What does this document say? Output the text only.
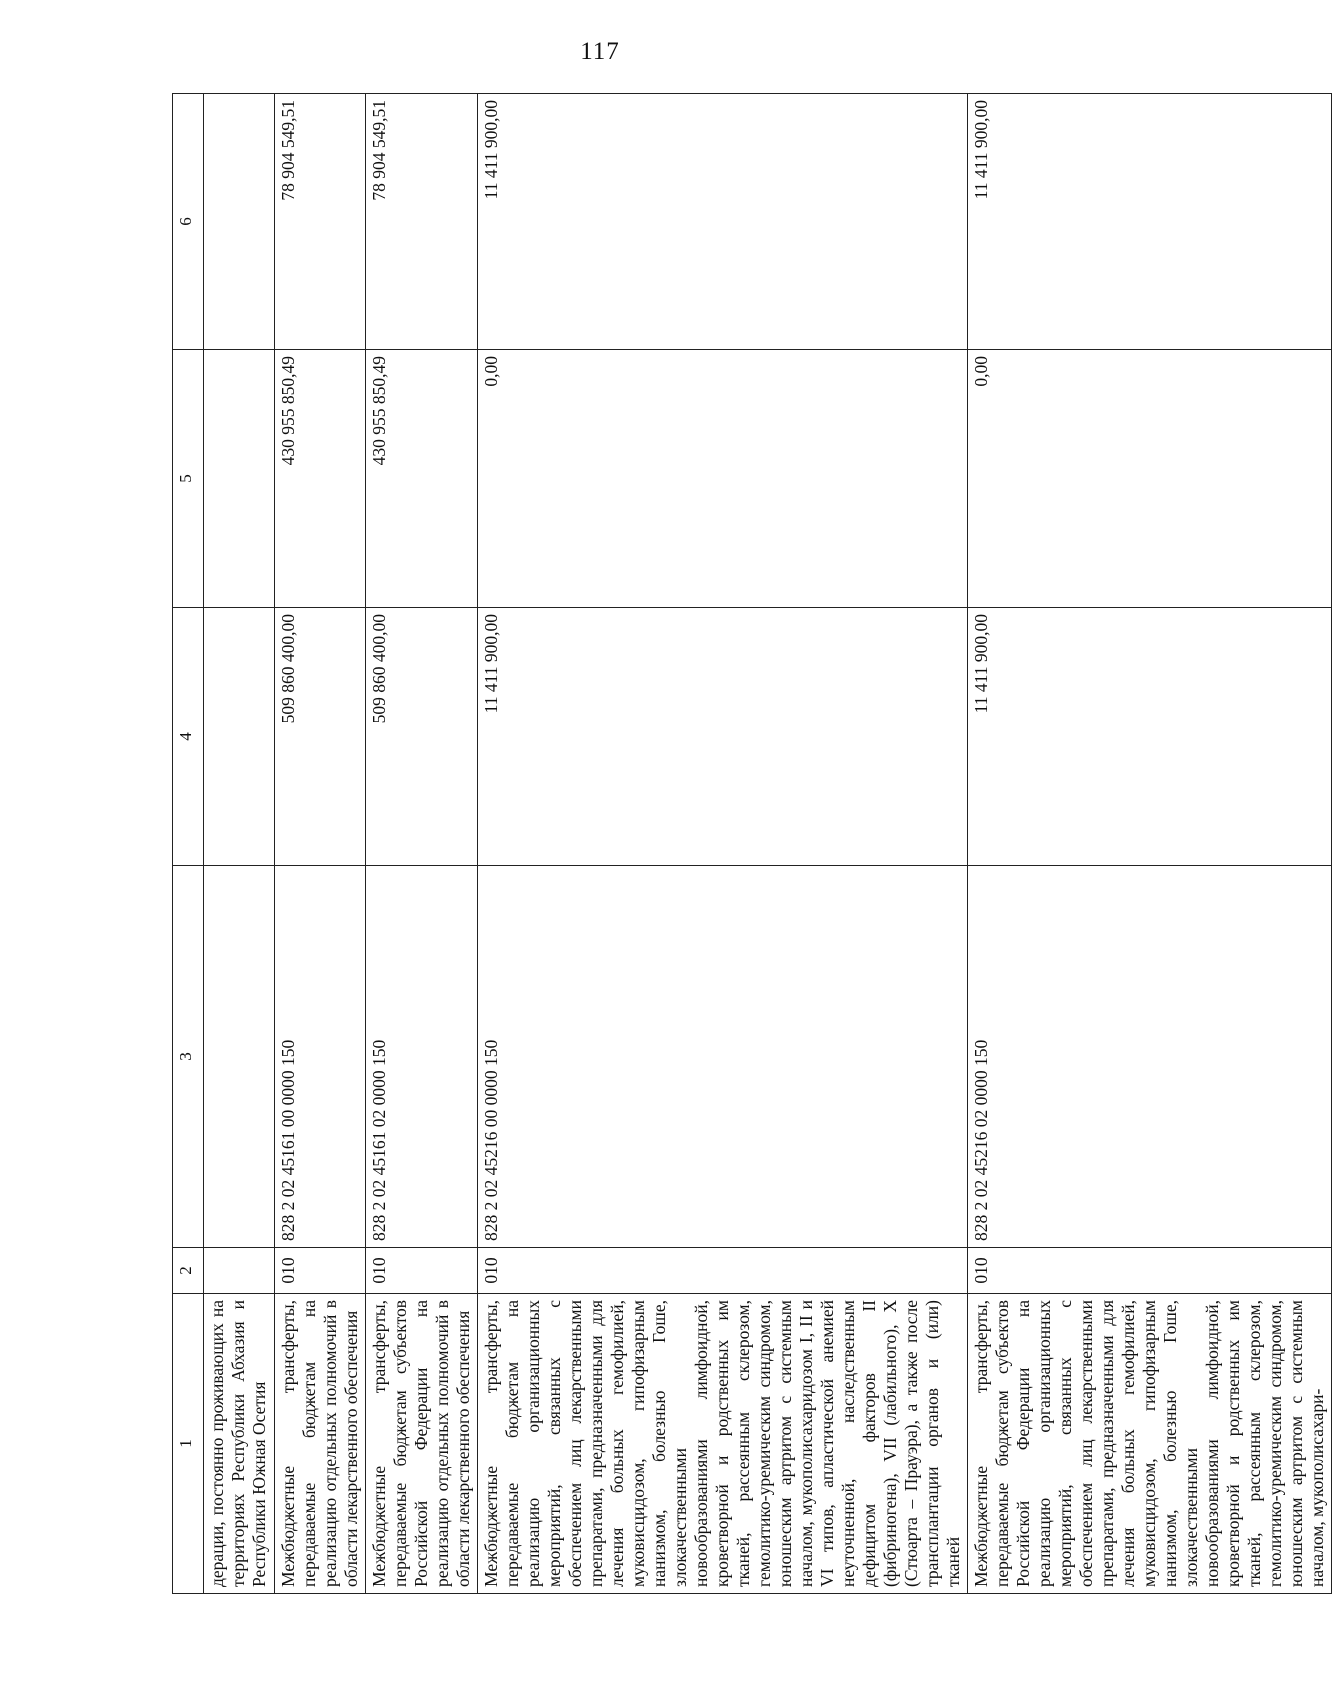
117
1	2	3	4	5	6
дерации, постоянно проживающих на территориях Республики Абхазия и Республики Южная Осетия					
Межбюджетные трансферты, передаваемые бюджетам на реализацию отдельных полномочий в области лекарственного обеспечения	010	828 2 02 45161 00 0000 150	509 860 400,00	430 955 850,49	78 904 549,51
Межбюджетные трансферты, передаваемые бюджетам субъектов Российской Федерации на реализацию отдельных полномочий в области лекарственного обеспечения	010	828 2 02 45161 02 0000 150	509 860 400,00	430 955 850,49	78 904 549,51
Межбюджетные трансферты, передаваемые бюджетам на реализацию организационных мероприятий, связанных с обеспечением лиц лекарственными препаратами, предназначенными для лечения больных гемофилией, муковисцидозом, гипофизарным нанизмом, болезнью Гоше, злокачественными новообразованиями лимфоидной, кроветворной и родственных им тканей, рассеянным склерозом, гемолитико-уремическим синдромом, юношеским артритом с системным началом, мукополисахаридозом I, II и VI типов, апластической анемией неуточненной, наследственным дефицитом факторов II (фибриногена), VII (лабильного), X (Стюарта – Прауэра), а также после трансплантации органов и (или) тканей	010	828 2 02 45216 00 0000 150	11 411 900,00	0,00	11 411 900,00
Межбюджетные трансферты, передаваемые бюджетам субъектов Российской Федерации на реализацию организационных мероприятий, связанных с обеспечением лиц лекарственными препаратами, предназначенными для лечения больных гемофилией, муковисцидозом, гипофизарным нанизмом, болезнью Гоше, злокачественными новообразованиями лимфоидной, кроветворной и родственных им тканей, рассеянным склерозом, гемолитико-уремическим синдромом, юношеским артритом с системным началом, мукополисахари-	010	828 2 02 45216 02 0000 150	11 411 900,00	0,00	11 411 900,00
